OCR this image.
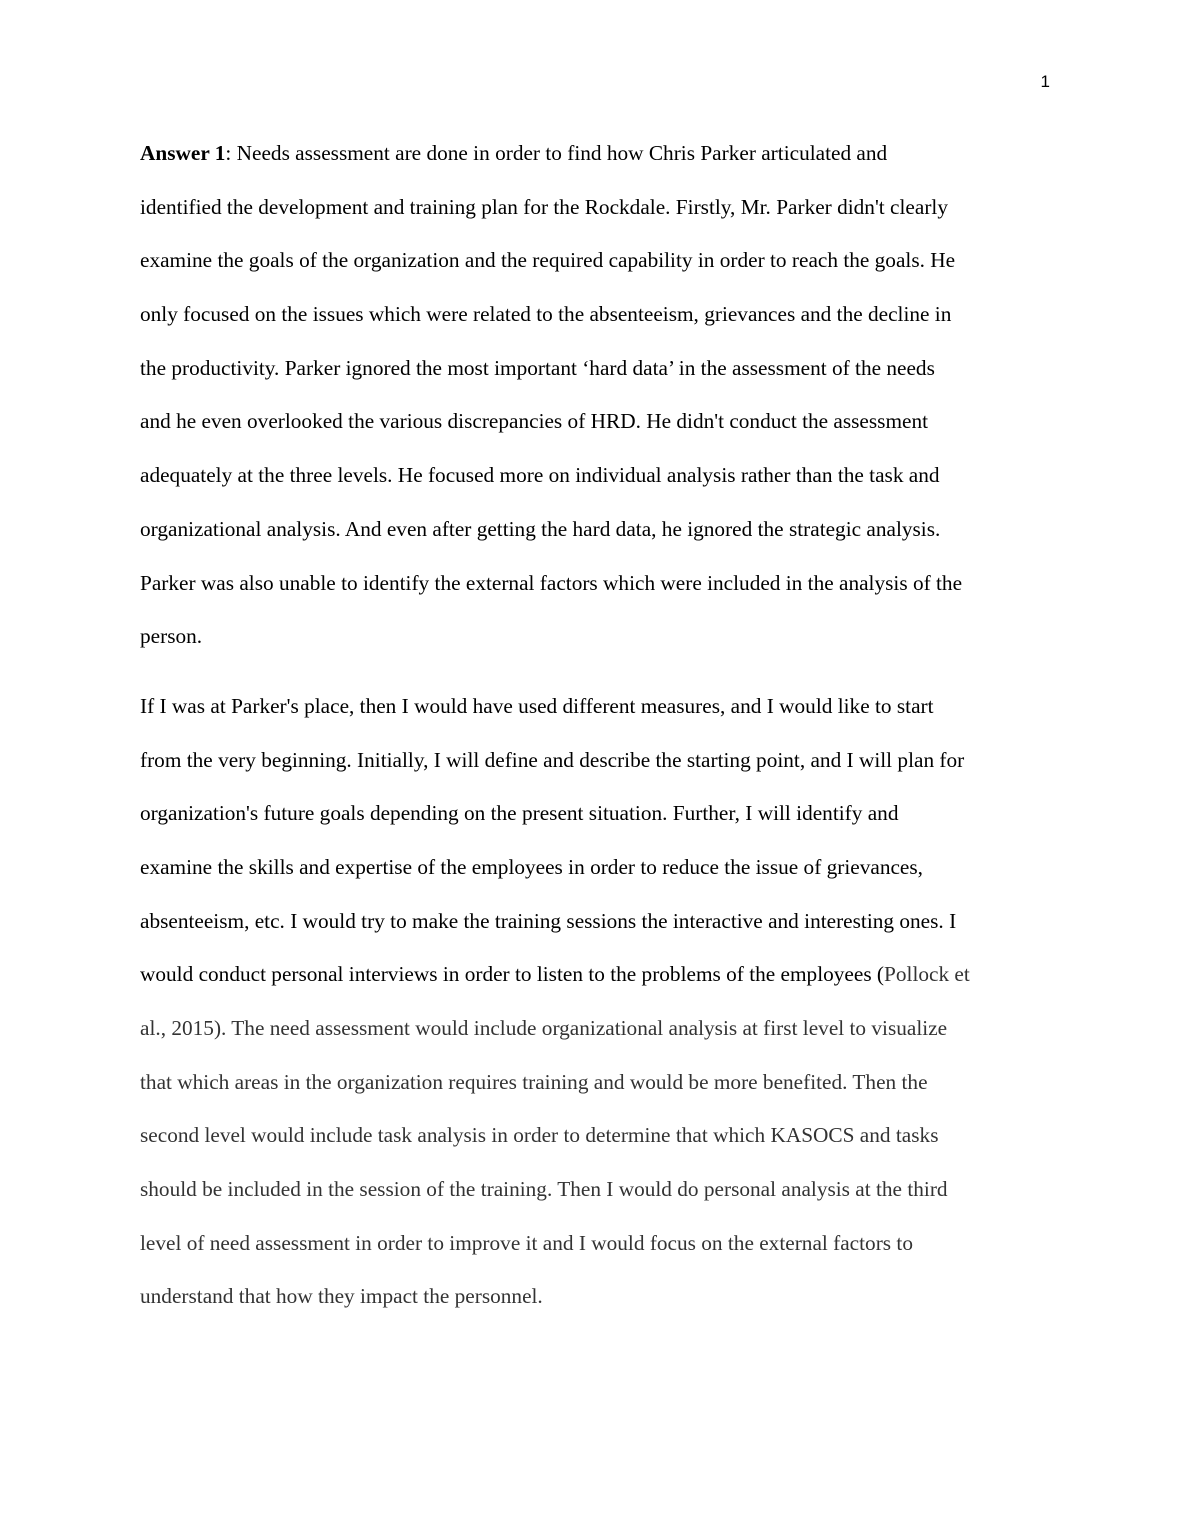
1

Answer 1: Needs assessment are done in order to find how Chris Parker articulated and
identified the development and training plan for the Rockdale. Firstly, Mr. Parker didn't clearly
examine the goals of the organization and the required capability in order to reach the goals. He
only focused on the issues which were related to the absenteeism, grievances and the decline in
the productivity. Parker ignored the most important ‘hard data’ in the assessment of the needs
and he even overlooked the various discrepancies of HRD. He didn't conduct the assessment
adequately at the three levels. He focused more on individual analysis rather than the task and
organizational analysis. And even after getting the hard data, he ignored the strategic analysis.
Parker was also unable to identify the external factors which were included in the analysis of the
person.

If I was at Parker's place, then I would have used different measures, and I would like to start
from the very beginning. Initially, I will define and describe the starting point, and I will plan for
organization's future goals depending on the present situation. Further, I will identify and
examine the skills and expertise of the employees in order to reduce the issue of grievances,
absenteeism, etc. I would try to make the training sessions the interactive and interesting ones. I
would conduct personal interviews in order to listen to the problems of the employees (Pollock et
al., 2015). The need assessment would include organizational analysis at first level to visualize
that which areas in the organization requires training and would be more benefited. Then the
second level would include task analysis in order to determine that which KASOCS and tasks
should be included in the session of the training. Then I would do personal analysis at the third
level of need assessment in order to improve it and I would focus on the external factors to
understand that how they impact the personnel.
